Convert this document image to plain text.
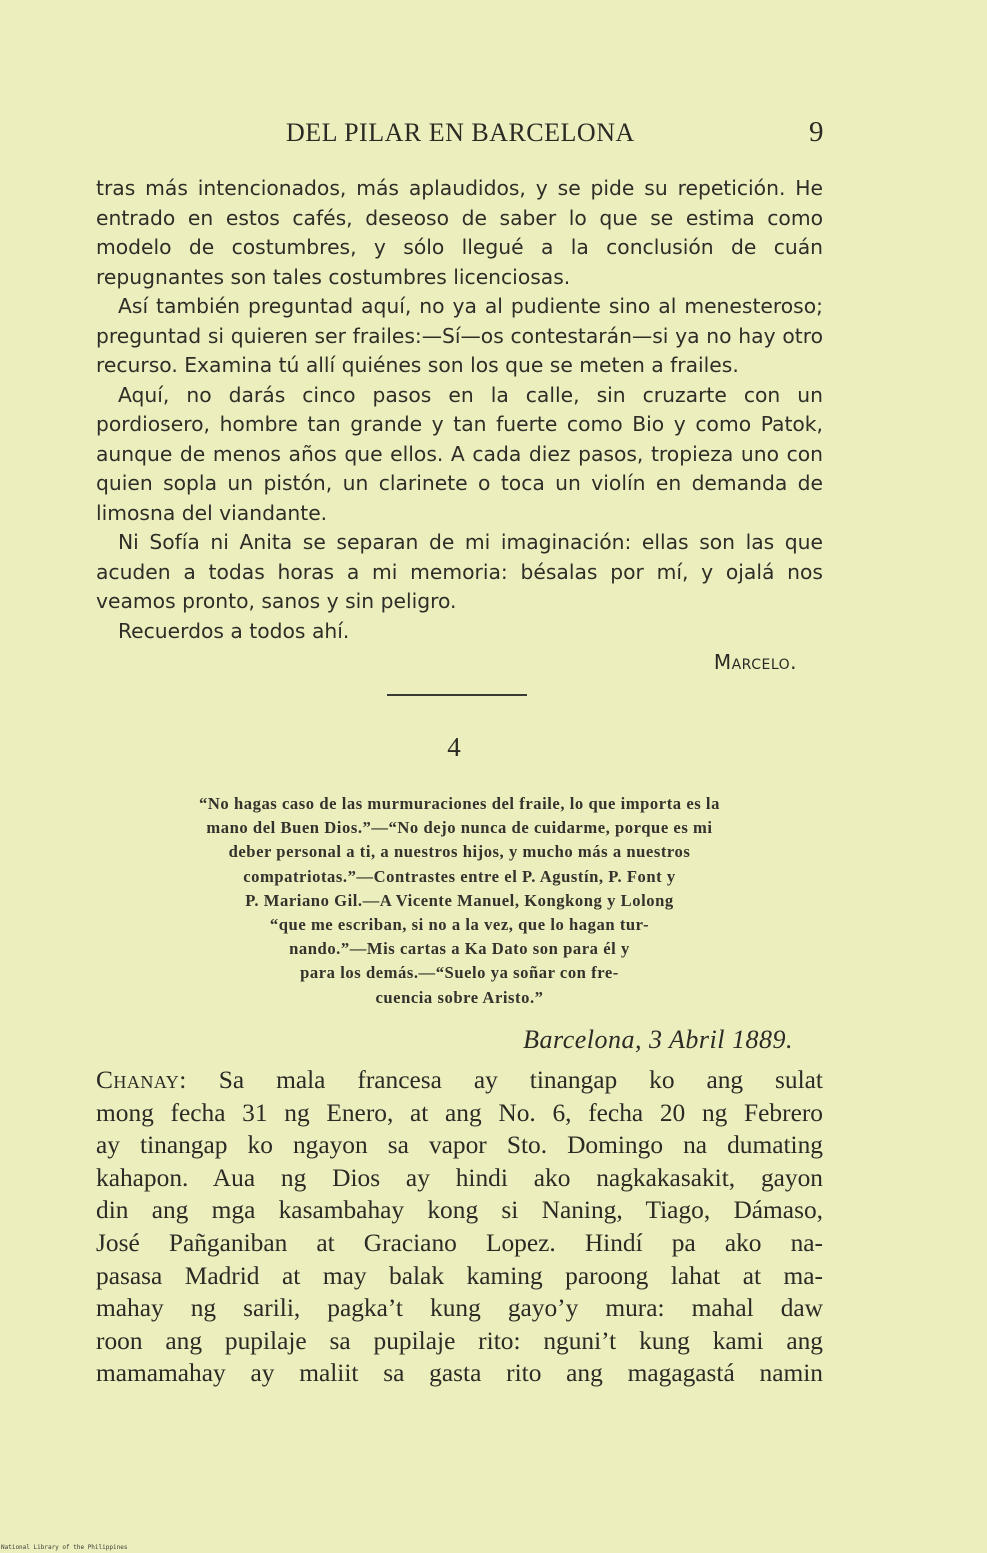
DEL PILAR EN BARCELONA	9

tras más intencionados, más aplaudidos, y se pide su repetición. He entrado en estos cafés, deseoso de saber lo que se estima como modelo de costumbres, y sólo llegué a la conclusión de cuán repugnantes son tales costumbres licenciosas.

Así también preguntad aquí, no ya al pudiente sino al menesteroso; preguntad si quieren ser frailes:—Sí—os contestarán—si ya no hay otro recurso. Examina tú allí quiénes son los que se meten a frailes.

Aquí, no darás cinco pasos en la calle, sin cruzarte con un pordiosero, hombre tan grande y tan fuerte como Bio y como Patok, aunque de menos años que ellos. A cada diez pasos, tropieza uno con quien sopla un pistón, un clarinete o toca un violín en demanda de limosna del viandante.

Ni Sofía ni Anita se separan de mi imaginación: ellas son las que acuden a todas horas a mi memoria: bésalas por mí, y ojalá nos veamos pronto, sanos y sin peligro.

Recuerdos a todos ahí.

Marcelo.
4
“No hagas caso de las murmuraciones del fraile, lo que importa es la
mano del Buen Dios.”—“No dejo nunca de cuidarme, porque es mi
deber personal a ti, a nuestros hijos, y mucho más a nuestros
compatriotas.”—Contrastes entre el P. Agustín, P. Font y
P. Mariano Gil.—A Vicente Manuel, Kongkong y Lolong
“que me escriban, si no a la vez, que lo hagan tur-
nando.”—Mis cartas a Ka Dato son para él y
para los demás.—“Suelo ya soñar con fre-
cuencia sobre Aristo.”
Barcelona, 3 Abril 1889.
Chanay: Sa mala francesa ay tinangap ko ang sulat
mong fecha 31 ng Enero, at ang No. 6, fecha 20 ng Febrero
ay tinangap ko ngayon sa vapor Sto. Domingo na dumating
kahapon. Aua ng Dios ay hindi ako nagkakasakit, gayon
din ang mga kasambahay kong si Naning, Tiago, Dámaso,
José Pañganiban at Graciano Lopez. Hindí pa ako na-
pasasa Madrid at may balak kaming paroong lahat at ma-
mahay ng sarili, pagka’t kung gayo’y mura: mahal daw
roon ang pupilaje sa pupilaje rito: nguni’t kung kami ang
mamamahay ay maliit sa gasta rito ang magagastá namin
National Library of the Philippines
